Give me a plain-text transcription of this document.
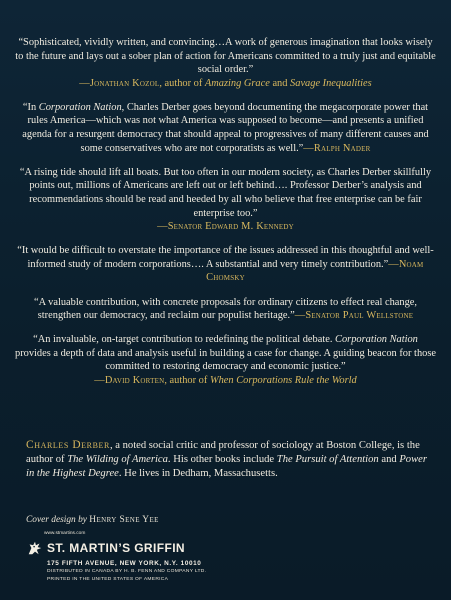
“Sophisticated, vividly written, and convincing…A work of generous imagination that looks wisely to the future and lays out a sober plan of action for Americans committed to a truly just and equitable social order.”
—Jonathan Kozol, author of Amazing Grace and Savage Inequalities

“In Corporation Nation, Charles Derber goes beyond documenting the megacorporate power that rules America—which was not what America was supposed to become—and presents a unified agenda for a resurgent democracy that should appeal to progressives of many different causes and some conservatives who are not corporatists as well.”—Ralph Nader

“A rising tide should lift all boats. But too often in our modern society, as Charles Derber skillfully points out, millions of Americans are left out or left behind…. Professor Derber’s analysis and recommendations should be read and heeded by all who believe that free enterprise can be fair enterprise too.”
—Senator Edward M. Kennedy

“It would be difficult to overstate the importance of the issues addressed in this thoughtful and well-informed study of modern corporations…. A substantial and very timely contribution.”—Noam Chomsky

“A valuable contribution, with concrete proposals for ordinary citizens to effect real change, strengthen our democracy, and reclaim our populist heritage.”—Senator Paul Wellstone

“An invaluable, on-target contribution to redefining the political debate. Corporation Nation provides a depth of data and analysis useful in building a case for change. A guiding beacon for those committed to restoring democracy and economic justice.”
—David Korten, author of When Corporations Rule the World

Charles Derber, a noted social critic and professor of sociology at Boston College, is the author of The Wilding of America. His other books include The Pursuit of Attention and Power in the Highest Degree. He lives in Dedham, Massachusetts.
Cover design by Henry Sene Yee
www.stmartins.com
ST. MARTIN’S GRIFFIN
175 FIFTH AVENUE, NEW YORK, N.Y. 10010
DISTRIBUTED IN CANADA BY H. B. FENN AND COMPANY LTD.
PRINTED IN THE UNITED STATES OF AMERICA
